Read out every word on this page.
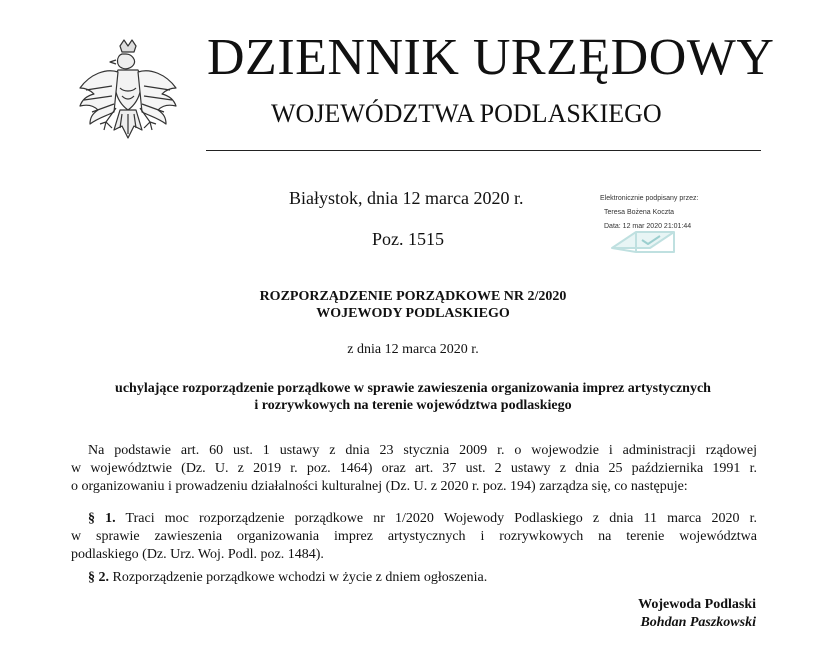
DZIENNIK URZĘDOWY
WOJEWÓDZTWA PODLASKIEGO
Białystok, dnia 12 marca 2020 r.
Poz. 1515
Elektronicznie podpisany przez:
Teresa Bożena Koczta
Data: 12 mar 2020 21:01:44
ROZPORZĄDZENIE PORZĄDKOWE NR 2/2020
WOJEWODY PODLASKIEGO
z dnia 12 marca 2020 r.
uchylające rozporządzenie porządkowe w sprawie zawieszenia organizowania imprez artystycznych
i rozrywkowych na terenie województwa podlaskiego
Na podstawie art. 60 ust. 1 ustawy z dnia 23 stycznia 2009 r. o wojewodzie i administracji rządowej
w województwie (Dz. U. z 2019 r. poz. 1464) oraz art. 37 ust. 2 ustawy z dnia 25 października 1991 r.
o organizowaniu i prowadzeniu działalności kulturalnej (Dz. U. z 2020 r. poz. 194) zarządza się, co następuje:
§ 1. Traci moc rozporządzenie porządkowe nr 1/2020 Wojewody Podlaskiego z dnia 11 marca 2020 r.
w sprawie zawieszenia organizowania imprez artystycznych i rozrywkowych na terenie województwa
podlaskiego (Dz. Urz. Woj. Podl. poz. 1484).
§ 2. Rozporządzenie porządkowe wchodzi w życie z dniem ogłoszenia.
Wojewoda Podlaski
Bohdan Paszkowski
